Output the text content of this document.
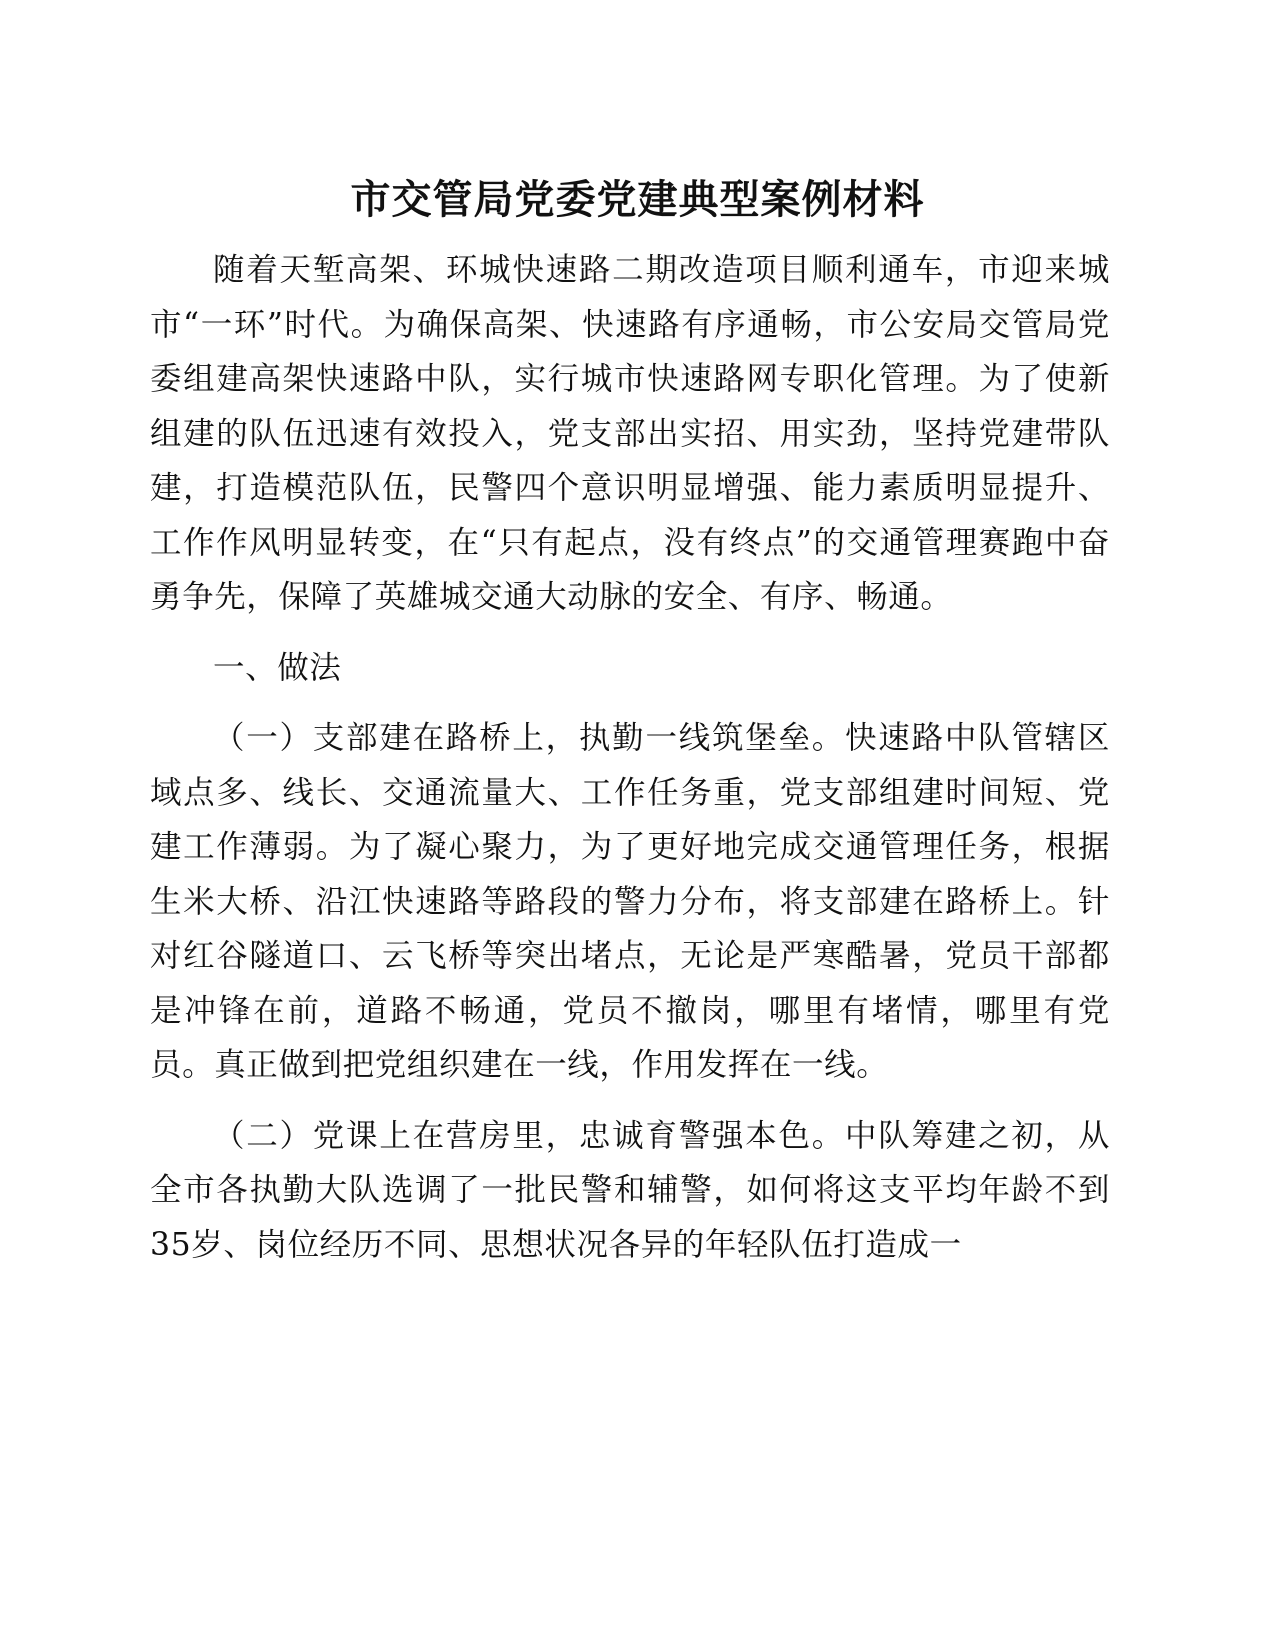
市交管局党委党建典型案例材料

随着天堑高架、环城快速路二期改造项目顺利通车，市迎来城市“一环”时代。为确保高架、快速路有序通畅，市公安局交管局党委组建高架快速路中队，实行城市快速路网专职化管理。为了使新组建的队伍迅速有效投入，党支部出实招、用实劲，坚持党建带队建，打造模范队伍，民警四个意识明显增强、能力素质明显提升、工作作风明显转变，在“只有起点，没有终点”的交通管理赛跑中奋勇争先，保障了英雄城交通大动脉的安全、有序、畅通。

一、做法

（一）支部建在路桥上，执勤一线筑堡垒。快速路中队管辖区域点多、线长、交通流量大、工作任务重，党支部组建时间短、党建工作薄弱。为了凝心聚力，为了更好地完成交通管理任务，根据生米大桥、沿江快速路等路段的警力分布，将支部建在路桥上。针对红谷隧道口、云飞桥等突出堵点，无论是严寒酷暑，党员干部都是冲锋在前，道路不畅通，党员不撤岗，哪里有堵情，哪里有党员。真正做到把党组织建在一线，作用发挥在一线。

（二）党课上在营房里，忠诚育警强本色。中队筹建之初，从全市各执勤大队选调了一批民警和辅警，如何将这支平均年龄不到35岁、岗位经历不同、思想状况各异的年轻队伍打造成一
